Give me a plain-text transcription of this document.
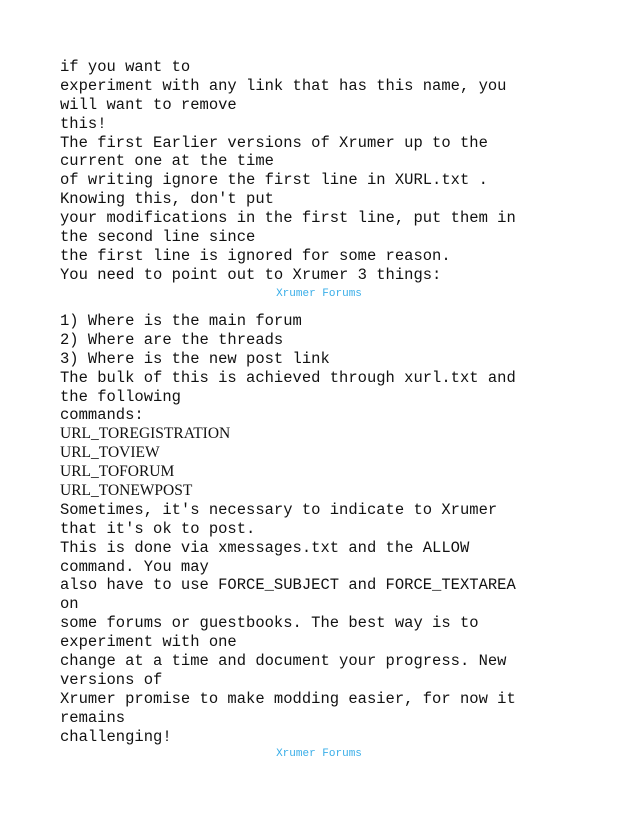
if you want to
experiment with any link that has this name, you
will want to remove
this!
The first Earlier versions of Xrumer up to the
current one at the time
of writing ignore the first line in XURL.txt .
Knowing this, don't put
your modifications in the first line, put them in
the second line since
the first line is ignored for some reason.
You need to point out to Xrumer 3 things:
Xrumer Forums
1) Where is the main forum
2) Where are the threads
3) Where is the new post link
The bulk of this is achieved through xurl.txt and
the following
commands:
URL_TOREGISTRATION
URL_TOVIEW
URL_TOFORUM
URL_TONEWPOST
Sometimes, it's necessary to indicate to Xrumer
that it's ok to post.
This is done via xmessages.txt and the ALLOW
command. You may
also have to use FORCE_SUBJECT and FORCE_TEXTAREA
on
some forums or guestbooks. The best way is to
experiment with one
change at a time and document your progress. New
versions of
Xrumer promise to make modding easier, for now it
remains
challenging!
Xrumer Forums
